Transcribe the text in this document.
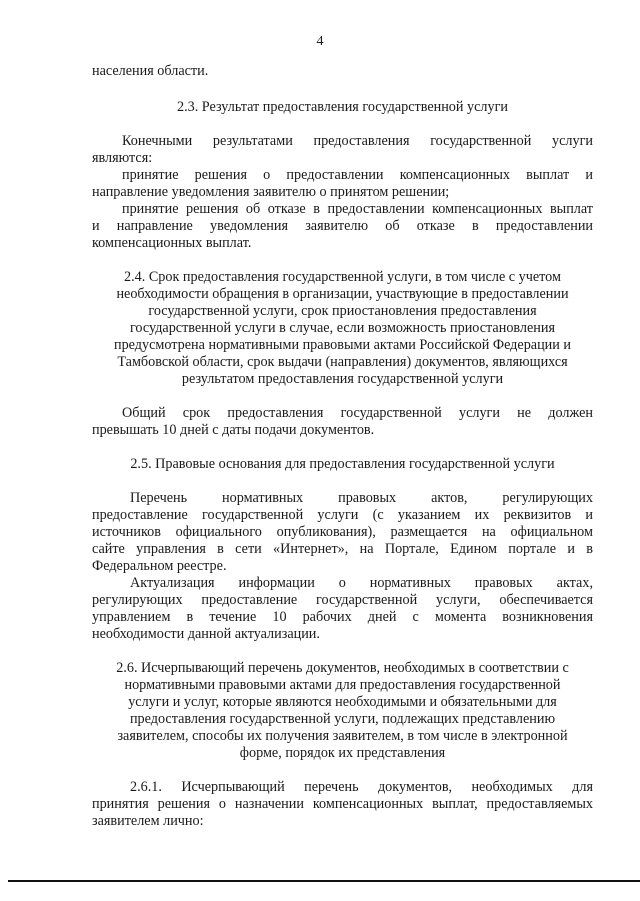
4
населения области.
2.3. Результат предоставления государственной услуги
Конечными результатами предоставления государственной услуги
являются:
принятие решения о предоставлении компенсационных выплат и
направление уведомления заявителю о принятом решении;
принятие решения об отказе в предоставлении компенсационных выплат
и направление уведомления заявителю об отказе в предоставлении
компенсационных выплат.
2.4. Срок предоставления государственной услуги, в том числе с учетом
необходимости обращения в организации, участвующие в предоставлении
государственной услуги, срок приостановления предоставления
государственной услуги в случае, если возможность приостановления
предусмотрена нормативными правовыми актами Российской Федерации и
Тамбовской области, срок выдачи (направления) документов, являющихся
результатом предоставления государственной услуги
Общий срок предоставления государственной услуги не должен
превышать 10 дней с даты подачи документов.
2.5. Правовые основания для предоставления государственной услуги
Перечень нормативных правовых актов, регулирующих
предоставление государственной услуги (с указанием их реквизитов и
источников официального опубликования), размещается на официальном
сайте управления в сети «Интернет», на Портале, Едином портале и в
Федеральном реестре.
Актуализация информации о нормативных правовых актах,
регулирующих предоставление государственной услуги, обеспечивается
управлением в течение 10 рабочих дней с момента возникновения
необходимости данной актуализации.
2.6. Исчерпывающий перечень документов, необходимых в соответствии с
нормативными правовыми актами для предоставления государственной
услуги и услуг, которые являются необходимыми и обязательными для
предоставления государственной услуги, подлежащих представлению
заявителем, способы их получения заявителем, в том числе в электронной
форме, порядок их представления
2.6.1. Исчерпывающий перечень документов, необходимых для
принятия решения о назначении компенсационных выплат, предоставляемых
заявителем лично:
